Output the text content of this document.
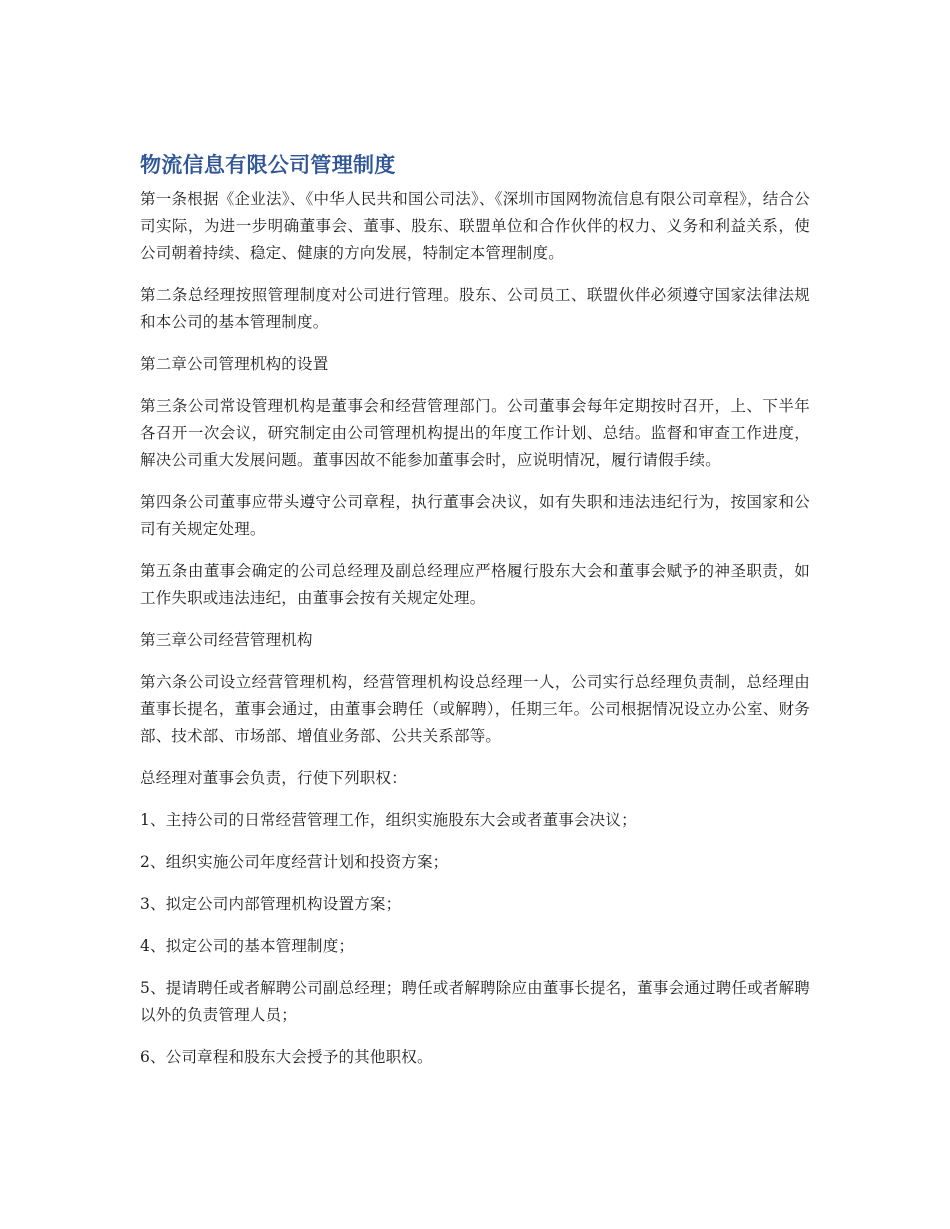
物流信息有限公司管理制度

第一条根据《企业法》、《中华人民共和国公司法》、《深圳市国网物流信息有限公司章程》，结合公司实际，为进一步明确董事会、董事、股东、联盟单位和合作伙伴的权力、义务和利益关系，使公司朝着持续、稳定、健康的方向发展，特制定本管理制度。

第二条总经理按照管理制度对公司进行管理。股东、公司员工、联盟伙伴必须遵守国家法律法规和本公司的基本管理制度。

第二章公司管理机构的设置

第三条公司常设管理机构是董事会和经营管理部门。公司董事会每年定期按时召开，上、下半年各召开一次会议，研究制定由公司管理机构提出的年度工作计划、总结。监督和审查工作进度，解决公司重大发展问题。董事因故不能参加董事会时，应说明情况，履行请假手续。

第四条公司董事应带头遵守公司章程，执行董事会决议，如有失职和违法违纪行为，按国家和公司有关规定处理。

第五条由董事会确定的公司总经理及副总经理应严格履行股东大会和董事会赋予的神圣职责，如工作失职或违法违纪，由董事会按有关规定处理。

第三章公司经营管理机构

第六条公司设立经营管理机构，经营管理机构设总经理一人，公司实行总经理负责制，总经理由董事长提名，董事会通过，由董事会聘任（或解聘），任期三年。公司根据情况设立办公室、财务部、技术部、市场部、增值业务部、公共关系部等。

总经理对董事会负责，行使下列职权：

1、主持公司的日常经营管理工作，组织实施股东大会或者董事会决议；

2、组织实施公司年度经营计划和投资方案；

3、拟定公司内部管理机构设置方案；

4、拟定公司的基本管理制度；

5、提请聘任或者解聘公司副总经理；聘任或者解聘除应由董事长提名，董事会通过聘任或者解聘以外的负责管理人员；

6、公司章程和股东大会授予的其他职权。
